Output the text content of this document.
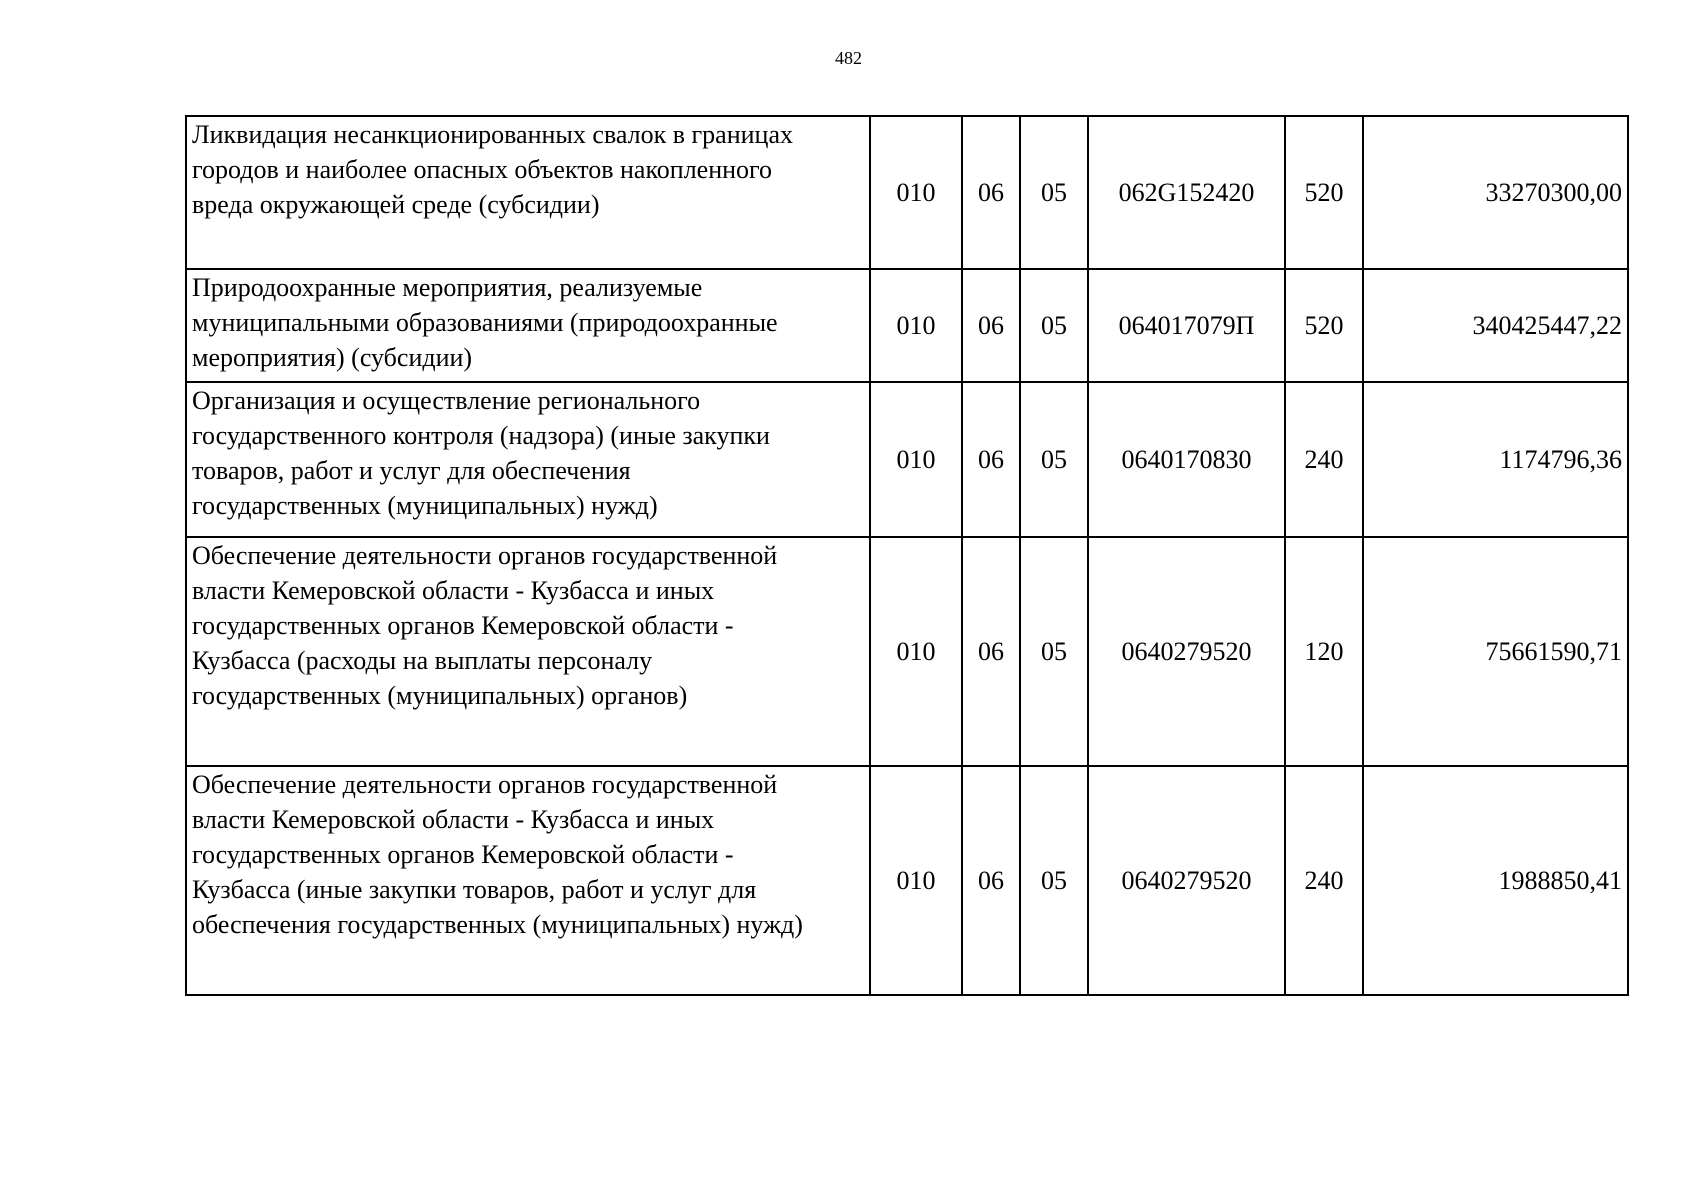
482
Ликвидация несанкционированных свалок в границах
городов и наиболее опасных объектов накопленного
вреда окружающей среде (субсидии)	010	06	05	062G152420	520	33270300,00

Природоохранные мероприятия, реализуемые
муниципальными образованиями (природоохранные
мероприятия) (субсидии)	010	06	05	064017079П	520	340425447,22

Организация и осуществление регионального
государственного контроля (надзора) (иные закупки
товаров, работ и услуг для обеспечения
государственных (муниципальных) нужд)	010	06	05	0640170830	240	1174796,36

Обеспечение деятельности органов государственной
власти Кемеровской области - Кузбасса и иных
государственных органов Кемеровской области -
Кузбасса (расходы на выплаты персоналу
государственных (муниципальных) органов)	010	06	05	0640279520	120	75661590,71

Обеспечение деятельности органов государственной
власти Кемеровской области - Кузбасса и иных
государственных органов Кемеровской области -
Кузбасса (иные закупки товаров, работ и услуг для
обеспечения государственных (муниципальных) нужд)	010	06	05	0640279520	240	1988850,41
